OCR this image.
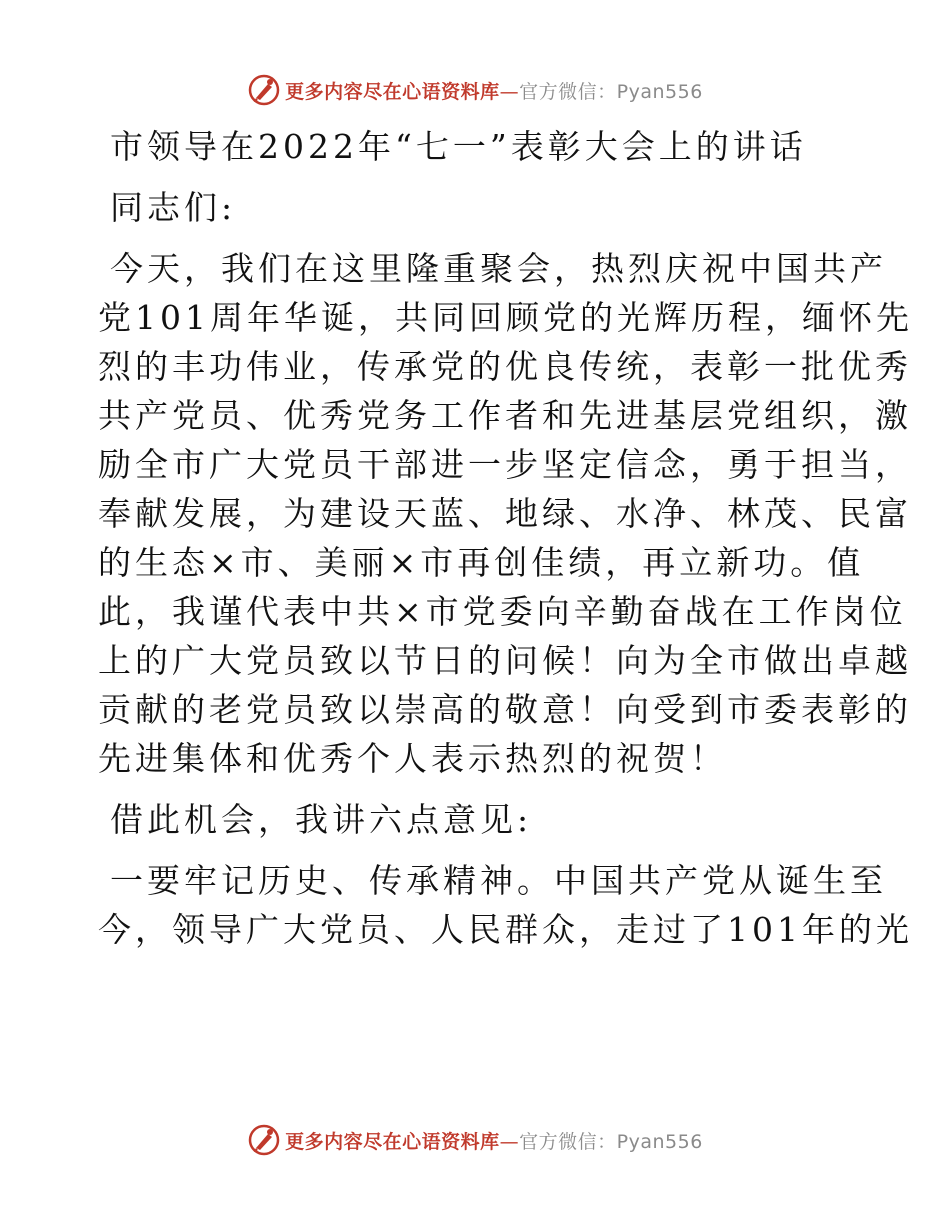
更多内容尽在心语资料库—官方微信：Pyan556
市领导在2022年“七一”表彰大会上的讲话
同志们:
今天，我们在这里隆重聚会，热烈庆祝中国共产
党101周年华诞，共同回顾党的光辉历程，缅怀先
烈的丰功伟业，传承党的优良传统，表彰一批优秀
共产党员、优秀党务工作者和先进基层党组织，激
励全市广大党员干部进一步坚定信念，勇于担当，
奉献发展，为建设天蓝、地绿、水净、林茂、民富
的生态×市、美丽×市再创佳绩，再立新功。值
此，我谨代表中共×市党委向辛勤奋战在工作岗位
上的广大党员致以节日的问候！向为全市做出卓越
贡献的老党员致以崇高的敬意！向受到市委表彰的
先进集体和优秀个人表示热烈的祝贺！
借此机会，我讲六点意见:
一要牢记历史、传承精神。中国共产党从诞生至
今，领导广大党员、人民群众，走过了101年的光
更多内容尽在心语资料库—官方微信：Pyan556
